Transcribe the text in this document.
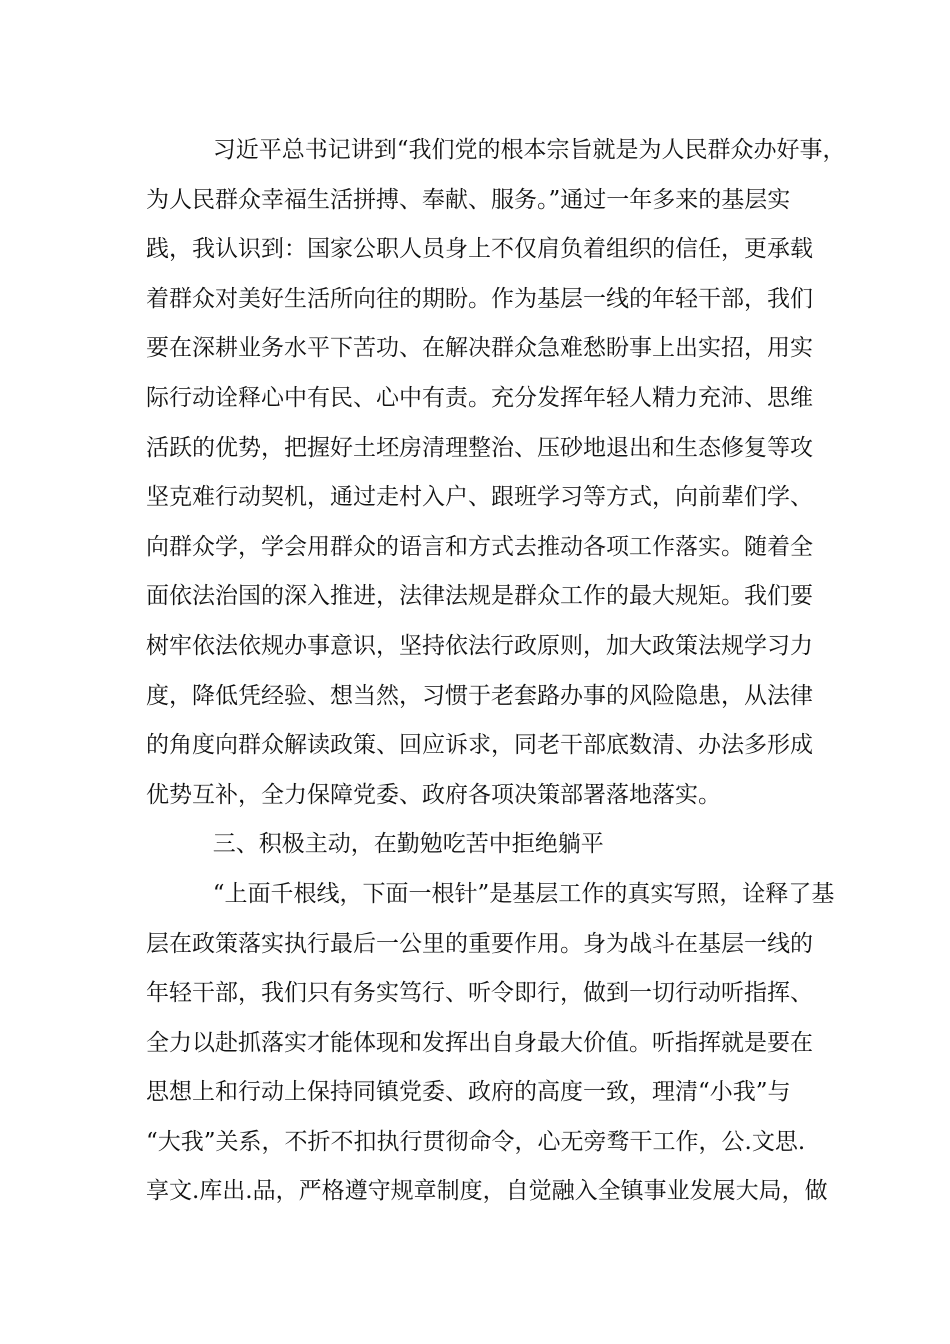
习近平总书记讲到“我们党的根本宗旨就是为人民群众办好事，
为人民群众幸福生活拼搏、奉献、服务。”通过一年多来的基层实
践，我认识到：国家公职人员身上不仅肩负着组织的信任，更承载
着群众对美好生活所向往的期盼。作为基层一线的年轻干部，我们
要在深耕业务水平下苦功、在解决群众急难愁盼事上出实招，用实
际行动诠释心中有民、心中有责。充分发挥年轻人精力充沛、思维
活跃的优势，把握好土坯房清理整治、压砂地退出和生态修复等攻
坚克难行动契机，通过走村入户、跟班学习等方式，向前辈们学、
向群众学，学会用群众的语言和方式去推动各项工作落实。随着全
面依法治国的深入推进，法律法规是群众工作的最大规矩。我们要
树牢依法依规办事意识，坚持依法行政原则，加大政策法规学习力
度，降低凭经验、想当然，习惯于老套路办事的风险隐患，从法律
的角度向群众解读政策、回应诉求，同老干部底数清、办法多形成
优势互补，全力保障党委、政府各项决策部署落地落实。
三、积极主动，在勤勉吃苦中拒绝躺平
“上面千根线，下面一根针”是基层工作的真实写照，诠释了基
层在政策落实执行最后一公里的重要作用。身为战斗在基层一线的
年轻干部，我们只有务实笃行、听令即行，做到一切行动听指挥、
全力以赴抓落实才能体现和发挥出自身最大价值。听指挥就是要在
思想上和行动上保持同镇党委、政府的高度一致，理清“小我”与
“大我”关系，不折不扣执行贯彻命令，心无旁骛干工作，公.文思.
享文.库出.品，严格遵守规章制度，自觉融入全镇事业发展大局，做
